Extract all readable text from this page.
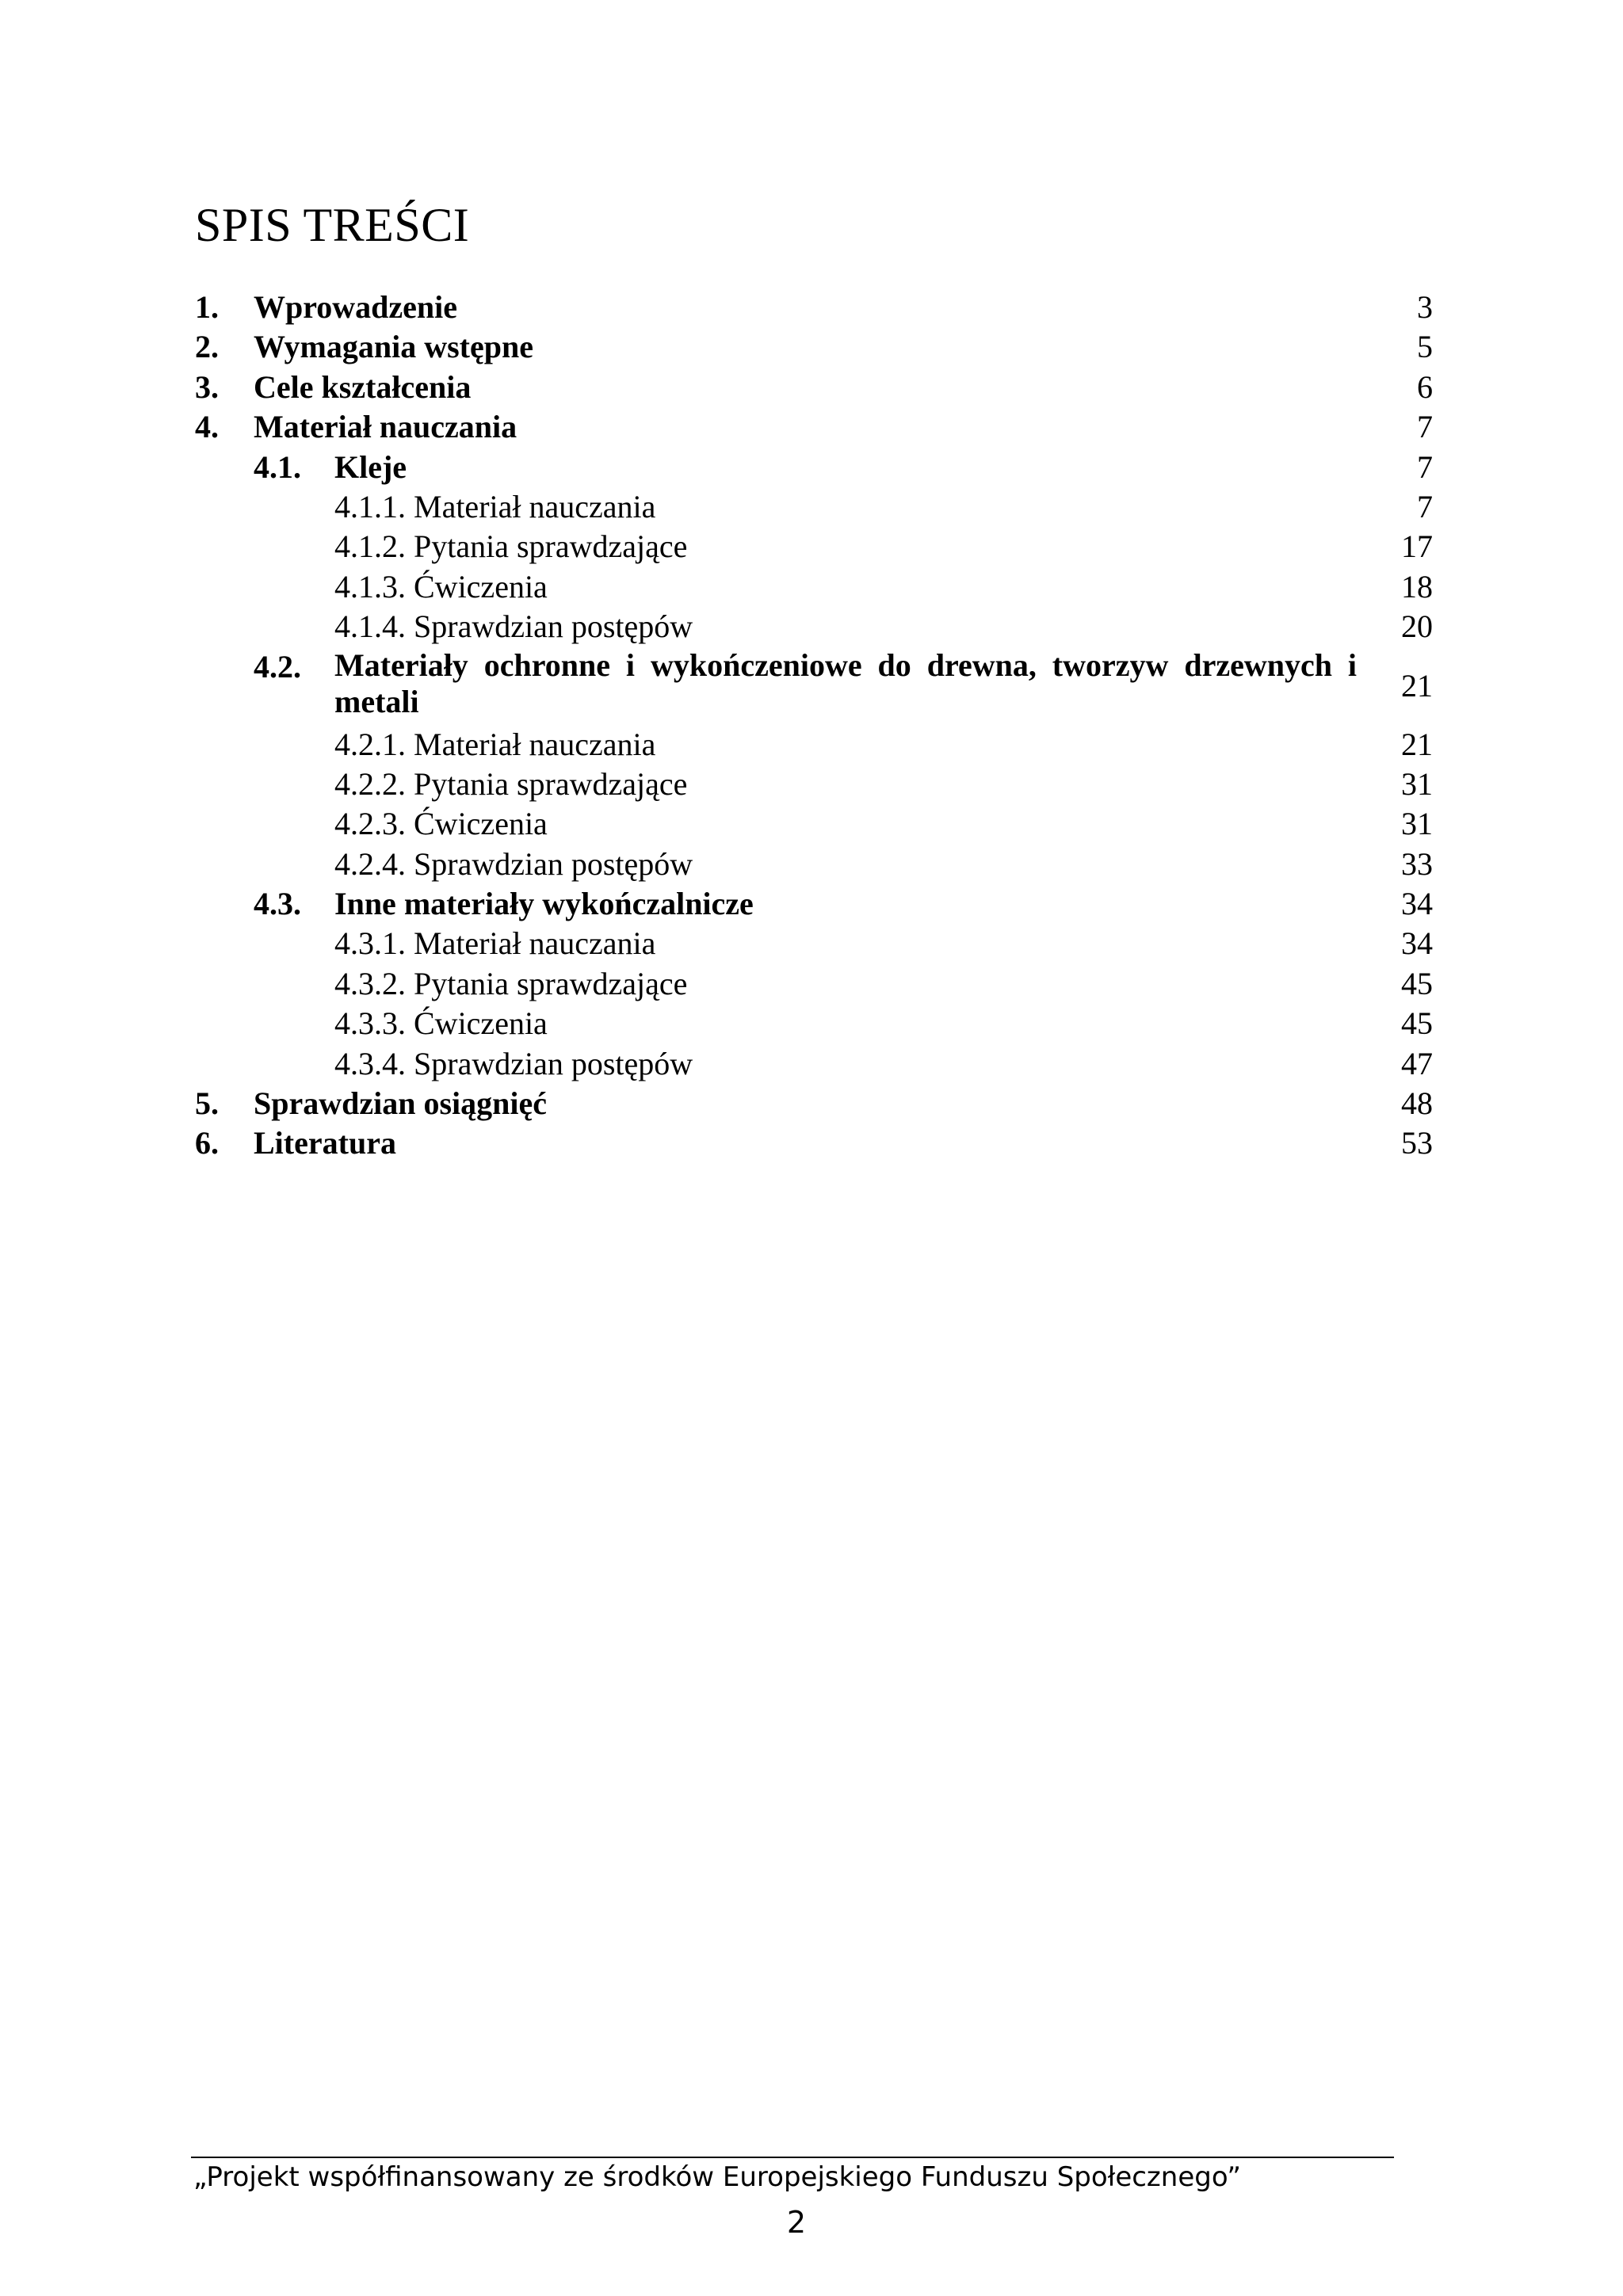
SPIS TREŚCI
1. Wprowadzenie	3
2. Wymagania wstępne	5
3. Cele kształcenia	6
4. Materiał nauczania	7
4.1. Kleje	7
4.1.1. Materiał nauczania	7
4.1.2. Pytania sprawdzające	17
4.1.3. Ćwiczenia	18
4.1.4. Sprawdzian postępów	20
4.2. Materiały ochronne i wykończeniowe do drewna, tworzyw drzewnych i metali	21
4.2.1. Materiał nauczania	21
4.2.2. Pytania sprawdzające	31
4.2.3. Ćwiczenia	31
4.2.4. Sprawdzian postępów	33
4.3. Inne materiały wykończalnicze	34
4.3.1. Materiał nauczania	34
4.3.2. Pytania sprawdzające	45
4.3.3. Ćwiczenia	45
4.3.4. Sprawdzian postępów	47
5. Sprawdzian osiągnięć	48
6. Literatura	53
„Projekt współfinansowany ze środków Europejskiego Funduszu Społecznego”
2
